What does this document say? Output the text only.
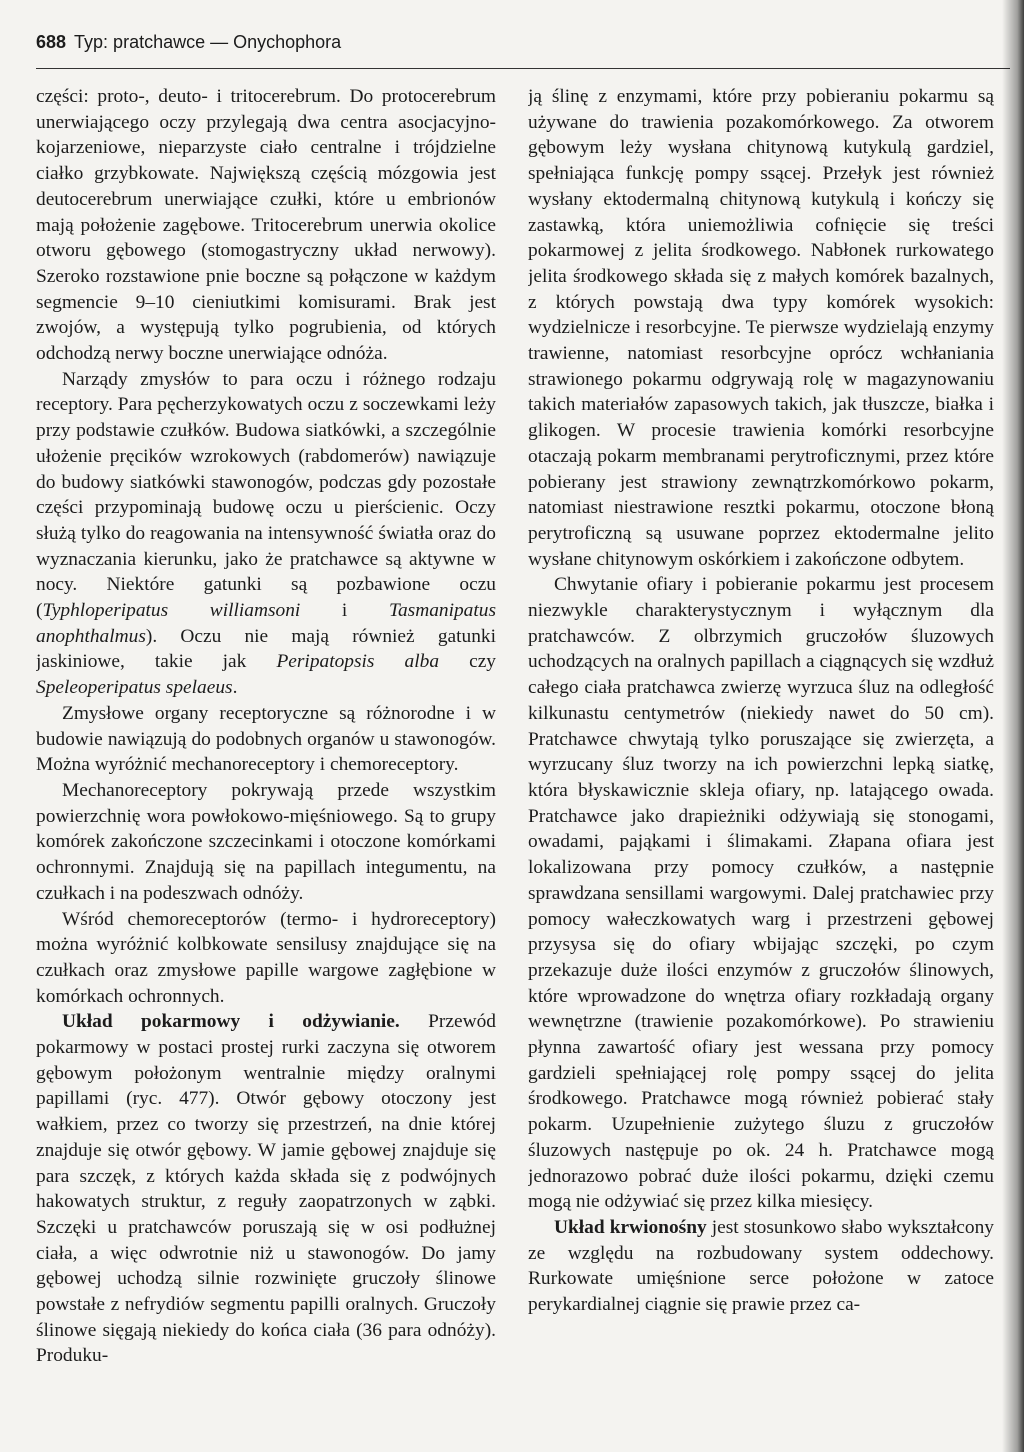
688 Typ: pratchawce — Onychophora

części: proto-, deuto- i tritocerebrum. Do protocerebrum unerwiającego oczy przylegają dwa centra asocjacyjno-kojarzeniowe, nieparzyste ciało centralne i trójdzielne ciałko grzybkowate. Największą częścią mózgowia jest deutocerebrum unerwiające czułki, które u embrionów mają położenie zagębowe. Tritocerebrum unerwia okolice otworu gębowego (stomogastryczny układ nerwowy). Szeroko rozstawione pnie boczne są połączone w każdym segmencie 9–10 cieniutkimi komisurami. Brak jest zwojów, a występują tylko pogrubienia, od których odchodzą nerwy boczne unerwiające odnóża.

Narządy zmysłów to para oczu i różnego rodzaju receptory. Para pęcherzykowatych oczu z soczewkami leży przy podstawie czułków. Budowa siatkówki, a szczególnie ułożenie pręcików wzrokowych (rabdomerów) nawiązuje do budowy siatkówki stawonogów, podczas gdy pozostałe części przypominają budowę oczu u pierścienic. Oczy służą tylko do reagowania na intensywność światła oraz do wyznaczania kierunku, jako że pratchawce są aktywne w nocy. Niektóre gatunki są pozbawione oczu (Typhloperipatus williamsoni i Tasmanipatus anophthalmus). Oczu nie mają również gatunki jaskiniowe, takie jak Peripatopsis alba czy Speleoperipatus spelaeus.

Zmysłowe organy receptoryczne są różnorodne i w budowie nawiązują do podobnych organów u stawonogów. Można wyróżnić mechanoreceptory i chemoreceptory.

Mechanoreceptory pokrywają przede wszystkim powierzchnię wora powłokowo-mięśniowego. Są to grupy komórek zakończone szczecinkami i otoczone komórkami ochronnymi. Znajdują się na papillach integumentu, na czułkach i na podeszwach odnóży.

Wśród chemoreceptorów (termo- i hydroreceptory) można wyróżnić kolbkowate sensilusy znajdujące się na czułkach oraz zmysłowe papille wargowe zagłębione w komórkach ochronnych.

Układ pokarmowy i odżywianie. Przewód pokarmowy w postaci prostej rurki zaczyna się otworem gębowym położonym wentralnie między oralnymi papillami (ryc. 477). Otwór gębowy otoczony jest wałkiem, przez co tworzy się przestrzeń, na dnie której znajduje się otwór gębowy. W jamie gębowej znajduje się para szczęk, z których każda składa się z podwójnych hakowatych struktur, z reguły zaopatrzonych w ząbki. Szczęki u pratchawców poruszają się w osi podłużnej ciała, a więc odwrotnie niż u stawonogów. Do jamy gębowej uchodzą silnie rozwinięte gruczoły ślinowe powstałe z nefrydiów segmentu papilli oralnych. Gruczoły ślinowe sięgają niekiedy do końca ciała (36 para odnóży). Produku-

ją ślinę z enzymami, które przy pobieraniu pokarmu są używane do trawienia pozakomórkowego. Za otworem gębowym leży wysłana chitynową kutykulą gardziel, spełniająca funkcję pompy ssącej. Przełyk jest również wysłany ektodermalną chitynową kutykulą i kończy się zastawką, która uniemożliwia cofnięcie się treści pokarmowej z jelita środkowego. Nabłonek rurkowatego jelita środkowego składa się z małych komórek bazalnych, z których powstają dwa typy komórek wysokich: wydzielnicze i resorbcyjne. Te pierwsze wydzielają enzymy trawienne, natomiast resorbcyjne oprócz wchłaniania strawionego pokarmu odgrywają rolę w magazynowaniu takich materiałów zapasowych takich, jak tłuszcze, białka i glikogen. W procesie trawienia komórki resorbcyjne otaczają pokarm membranami perytroficznymi, przez które pobierany jest strawiony zewnątrzkomórkowo pokarm, natomiast niestrawione resztki pokarmu, otoczone błoną perytroficzną są usuwane poprzez ektodermalne jelito wysłane chitynowym oskórkiem i zakończone odbytem.

Chwytanie ofiary i pobieranie pokarmu jest procesem niezwykle charakterystycznym i wyłącznym dla pratchawców. Z olbrzymich gruczołów śluzowych uchodzących na oralnych papillach a ciągnących się wzdłuż całego ciała pratchawca zwierzę wyrzuca śluz na odległość kilkunastu centymetrów (niekiedy nawet do 50 cm). Pratchawce chwytają tylko poruszające się zwierzęta, a wyrzucany śluz tworzy na ich powierzchni lepką siatkę, która błyskawicznie skleja ofiary, np. latającego owada. Pratchawce jako drapieżniki odżywiają się stonogami, owadami, pająkami i ślimakami. Złapana ofiara jest lokalizowana przy pomocy czułków, a następnie sprawdzana sensillami wargowymi. Dalej pratchawiec przy pomocy wałeczkowatych warg i przestrzeni gębowej przysysa się do ofiary wbijając szczęki, po czym przekazuje duże ilości enzymów z gruczołów ślinowych, które wprowadzone do wnętrza ofiary rozkładają organy wewnętrzne (trawienie pozakomórkowe). Po strawieniu płynna zawartość ofiary jest wessana przy pomocy gardzieli spełniającej rolę pompy ssącej do jelita środkowego. Pratchawce mogą również pobierać stały pokarm. Uzupełnienie zużytego śluzu z gruczołów śluzowych następuje po ok. 24 h. Pratchawce mogą jednorazowo pobrać duże ilości pokarmu, dzięki czemu mogą nie odżywiać się przez kilka miesięcy.

Układ krwionośny jest stosunkowo słabo wykształcony ze względu na rozbudowany system oddechowy. Rurkowate umięśnione serce położone w zatoce perykardialnej ciągnie się prawie przez ca-
